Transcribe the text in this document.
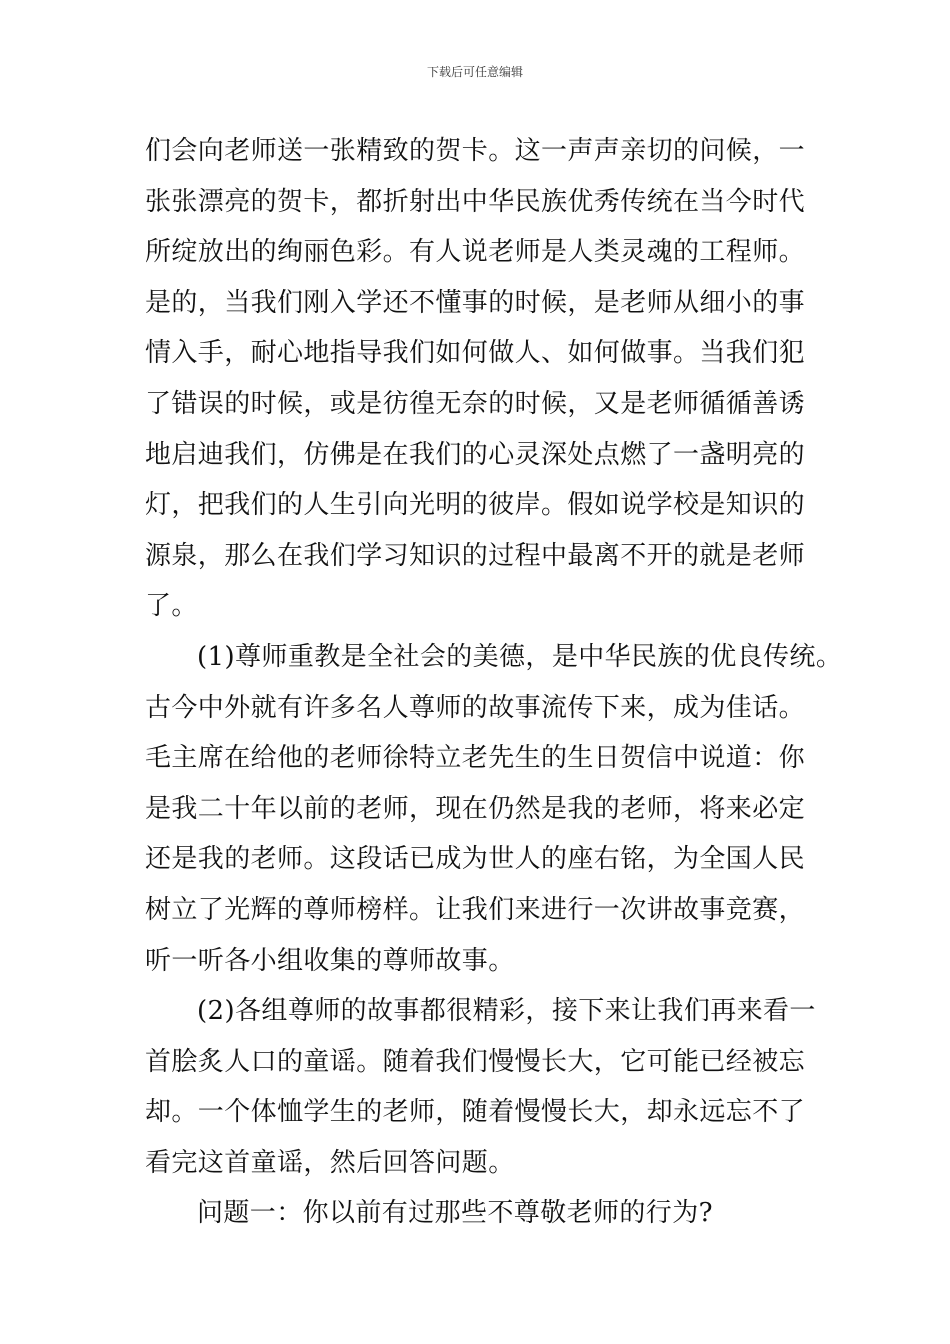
下载后可任意编辑
们会向老师送一张精致的贺卡。这一声声亲切的问候，一
张张漂亮的贺卡，都折射出中华民族优秀传统在当今时代
所绽放出的绚丽色彩。有人说老师是人类灵魂的工程师。
是的，当我们刚入学还不懂事的时候，是老师从细小的事
情入手，耐心地指导我们如何做人、如何做事。当我们犯
了错误的时候，或是彷徨无奈的时候，又是老师循循善诱
地启迪我们，仿佛是在我们的心灵深处点燃了一盏明亮的
灯，把我们的人生引向光明的彼岸。假如说学校是知识的
源泉，那么在我们学习知识的过程中最离不开的就是老师
了。
(1)尊师重教是全社会的美德，是中华民族的优良传统。
古今中外就有许多名人尊师的故事流传下来，成为佳话。
毛主席在给他的老师徐特立老先生的生日贺信中说道：你
是我二十年以前的老师，现在仍然是我的老师，将来必定
还是我的老师。这段话已成为世人的座右铭，为全国人民
树立了光辉的尊师榜样。让我们来进行一次讲故事竞赛，
听一听各小组收集的尊师故事。
(2)各组尊师的故事都很精彩，接下来让我们再来看一
首脍炙人口的童谣。随着我们慢慢长大，它可能已经被忘
却。一个体恤学生的老师，随着慢慢长大，却永远忘不了
看完这首童谣，然后回答问题。
问题一：你以前有过那些不尊敬老师的行为?
